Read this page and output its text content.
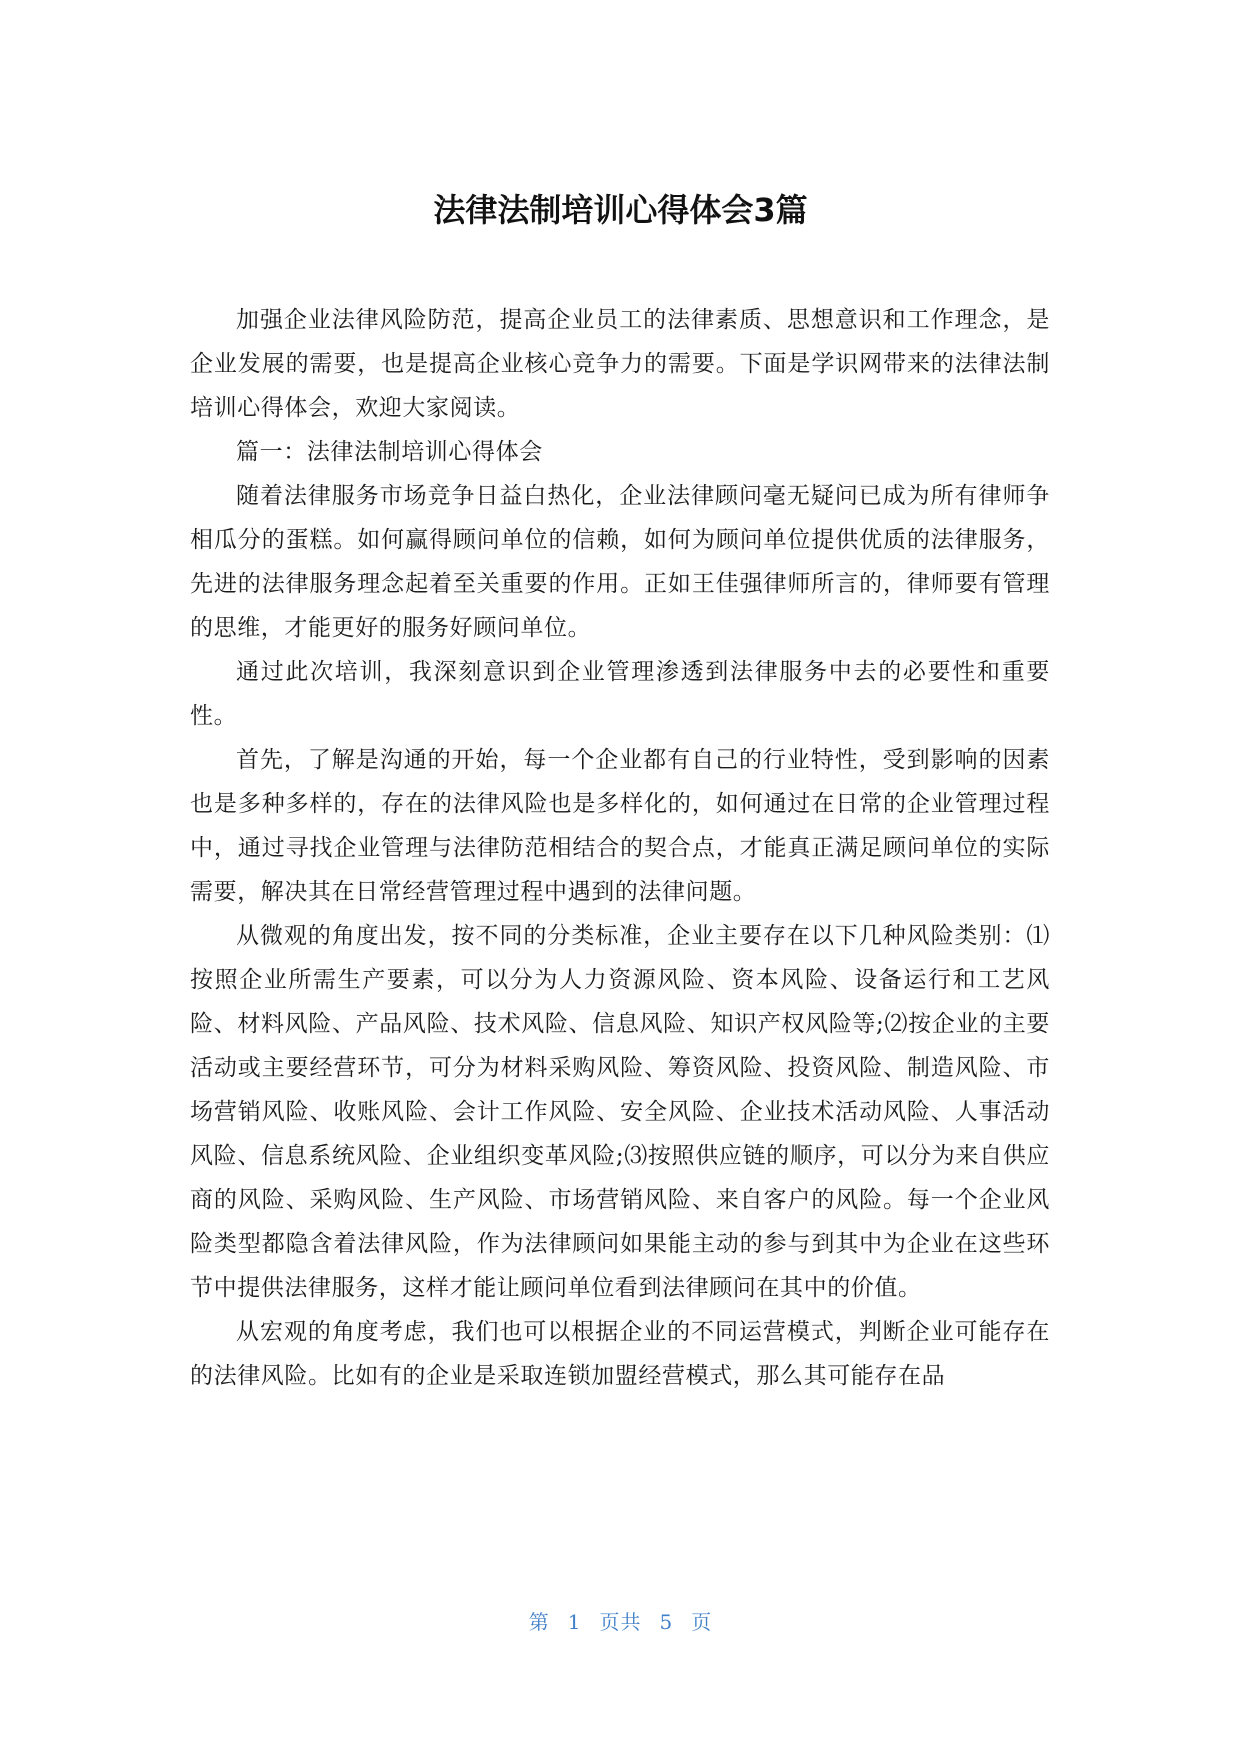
法律法制培训心得体会3篇

加强企业法律风险防范，提高企业员工的法律素质、思想意识和工作理念，是企业发展的需要，也是提高企业核心竞争力的需要。下面是学识网带来的法律法制培训心得体会，欢迎大家阅读。

篇一：法律法制培训心得体会

随着法律服务市场竞争日益白热化，企业法律顾问毫无疑问已成为所有律师争相瓜分的蛋糕。如何赢得顾问单位的信赖，如何为顾问单位提供优质的法律服务，先进的法律服务理念起着至关重要的作用。正如王佳强律师所言的，律师要有管理的思维，才能更好的服务好顾问单位。

通过此次培训，我深刻意识到企业管理渗透到法律服务中去的必要性和重要性。

首先，了解是沟通的开始，每一个企业都有自己的行业特性，受到影响的因素也是多种多样的，存在的法律风险也是多样化的，如何通过在日常的企业管理过程中，通过寻找企业管理与法律防范相结合的契合点，才能真正满足顾问单位的实际需要，解决其在日常经营管理过程中遇到的法律问题。

从微观的角度出发，按不同的分类标准，企业主要存在以下几种风险类别：⑴按照企业所需生产要素，可以分为人力资源风险、资本风险、设备运行和工艺风险、材料风险、产品风险、技术风险、信息风险、知识产权风险等;⑵按企业的主要活动或主要经营环节，可分为材料采购风险、筹资风险、投资风险、制造风险、市场营销风险、收账风险、会计工作风险、安全风险、企业技术活动风险、人事活动风险、信息系统风险、企业组织变革风险;⑶按照供应链的顺序，可以分为来自供应商的风险、采购风险、生产风险、市场营销风险、来自客户的风险。每一个企业风险类型都隐含着法律风险，作为法律顾问如果能主动的参与到其中为企业在这些环节中提供法律服务，这样才能让顾问单位看到法律顾问在其中的价值。

从宏观的角度考虑，我们也可以根据企业的不同运营模式，判断企业可能存在的法律风险。比如有的企业是采取连锁加盟经营模式，那么其可能存在品

第 1 页共 5 页
